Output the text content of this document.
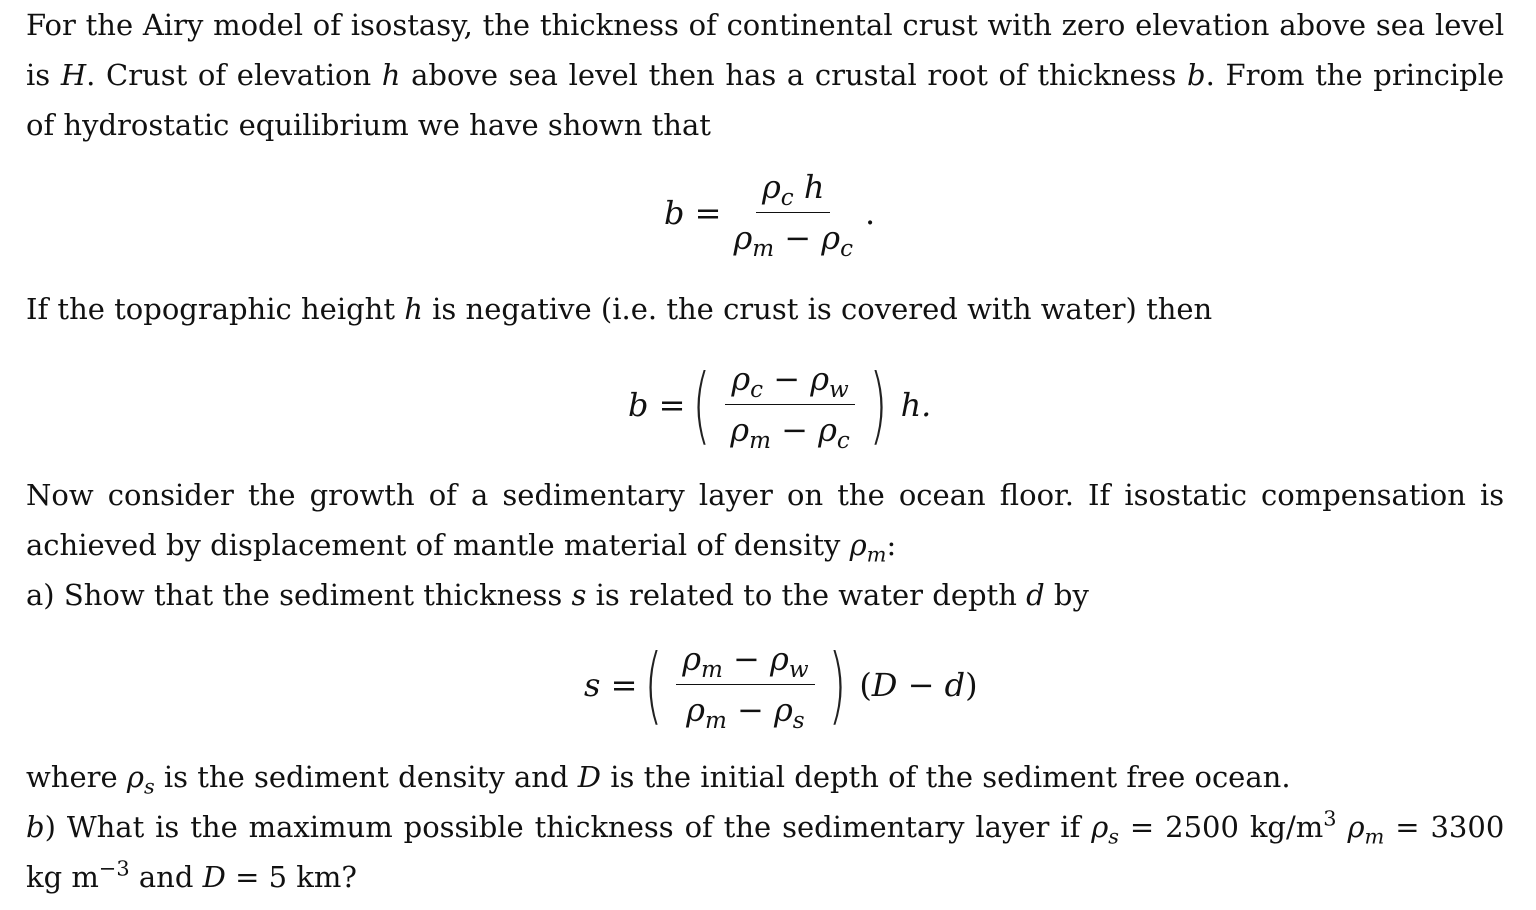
For the Airy model of isostasy, the thickness of continental crust with zero elevation above sea level
is H. Crust of elevation h above sea level then has a crustal root of thickness b. From the principle
of hydrostatic equilibrium we have shown that
$b = \frac{\rho_c h}{\rho_m - \rho_c}$ .
If the topographic height h is negative (i.e. the crust is covered with water) then
b = ( $\frac{\rho_c - \rho_w}{\rho_m - \rho_c}$ ) h.
Now consider the growth of a sedimentary layer on the ocean floor. If isostatic compensation is
achieved by displacement of mantle material of density $\rho_m$:
a) Show that the sediment thickness s is related to the water depth d by
s = ( $\frac{\rho_m - \rho_w}{\rho_m - \rho_s}$ ) (D − d)
where $\rho_s$ is the sediment density and D is the initial depth of the sediment free ocean.
b) What is the maximum possible thickness of the sedimentary layer if $\rho_s = 2500$ $kg/m^3$ $\rho_m = 3300$
kg $m^{-3}$ and D = 5 km?
